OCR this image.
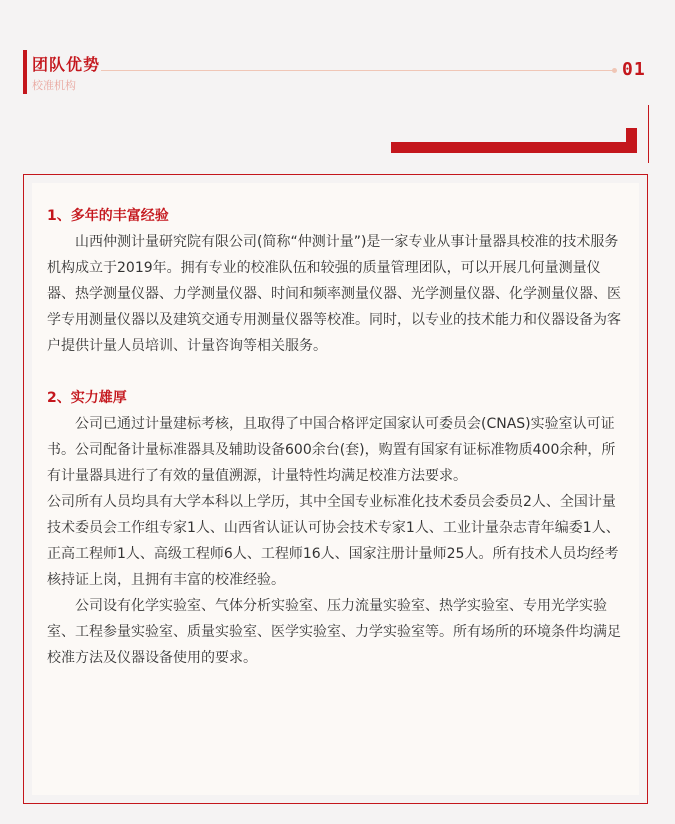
团队优势
校准机构
01

1、多年的丰富经验

山西仲测计量研究院有限公司(简称“仲测计量”)是一家专业从事计量器具校准的技术服务机构成立于2019年。拥有专业的校准队伍和较强的质量管理团队，可以开展几何量测量仪器、热学测量仪器、力学测量仪器、时间和频率测量仪器、光学测量仪器、化学测量仪器、医学专用测量仪器以及建筑交通专用测量仪器等校准。同时，以专业的技术能力和仪器设备为客户提供计量人员培训、计量咨询等相关服务。

2、实力雄厚

公司已通过计量建标考核，且取得了中国合格评定国家认可委员会(CNAS)实验室认可证书。公司配备计量标准器具及辅助设备600余台(套)，购置有国家有证标准物质400余种，所有计量器具进行了有效的量值溯源，计量特性均满足校准方法要求。

公司所有人员均具有大学本科以上学历，其中全国专业标准化技术委员会委员2人、全国计量技术委员会工作组专家1人、山西省认证认可协会技术专家1人、工业计量杂志青年编委1人、正高工程师1人、高级工程师6人、工程师16人、国家注册计量师25人。所有技术人员均经考核持证上岗，且拥有丰富的校准经验。

公司设有化学实验室、气体分析实验室、压力流量实验室、热学实验室、专用光学实验室、工程参量实验室、质量实验室、医学实验室、力学实验室等。所有场所的环境条件均满足校准方法及仪器设备使用的要求。
